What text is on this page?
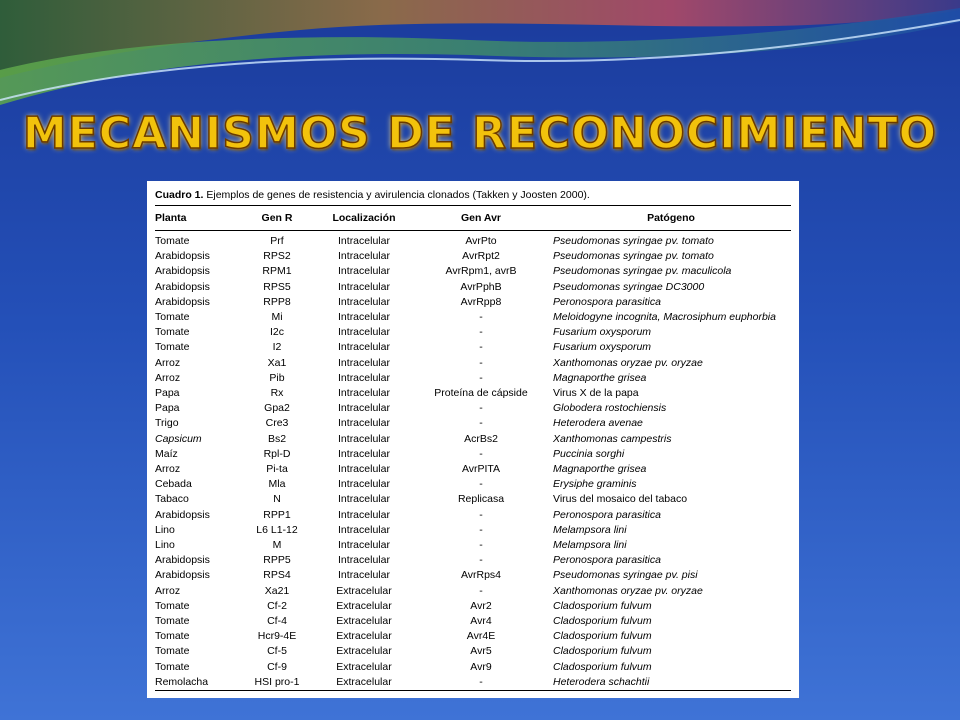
MECANISMOS DE RECONOCIMIENTO
Cuadro 1. Ejemplos de genes de resistencia y avirulencia clonados (Takken y Joosten 2000).
Planta	Gen R	Localización	Gen Avr	Patógeno
Tomate	Prf	Intracelular	AvrPto	Pseudomonas syringae pv. tomato
Arabidopsis	RPS2	Intracelular	AvrRpt2	Pseudomonas syringae pv. tomato
Arabidopsis	RPM1	Intracelular	AvrRpm1, avrB	Pseudomonas syringae pv. maculicola
Arabidopsis	RPS5	Intracelular	AvrPphB	Pseudomonas syringae DC3000
Arabidopsis	RPP8	Intracelular	AvrRpp8	Peronospora parasitica
Tomate	Mi	Intracelular	-	Meloidogyne incognita, Macrosiphum euphorbia
Tomate	I2c	Intracelular	-	Fusarium oxysporum
Tomate	I2	Intracelular	-	Fusarium oxysporum
Arroz	Xa1	Intracelular	-	Xanthomonas oryzae pv. oryzae
Arroz	Pib	Intracelular	-	Magnaporthe grisea
Papa	Rx	Intracelular	Proteína de cápside	Virus X de la papa
Papa	Gpa2	Intracelular	-	Globodera rostochiensis
Trigo	Cre3	Intracelular	-	Heterodera avenae
Capsicum	Bs2	Intracelular	AcrBs2	Xanthomonas campestris
Maíz	Rpl-D	Intracelular	-	Puccinia sorghi
Arroz	Pi-ta	Intracelular	AvrPITA	Magnaporthe grisea
Cebada	Mla	Intracelular	-	Erysiphe graminis
Tabaco	N	Intracelular	Replicasa	Virus del mosaico del tabaco
Arabidopsis	RPP1	Intracelular	-	Peronospora parasitica
Lino	L6 L1-12	Intracelular	-	Melampsora lini
Lino	M	Intracelular	-	Melampsora lini
Arabidopsis	RPP5	Intracelular	-	Peronospora parasitica
Arabidopsis	RPS4	Intracelular	AvrRps4	Pseudomonas syringae pv. pisi
Arroz	Xa21	Extracelular	-	Xanthomonas oryzae pv. oryzae
Tomate	Cf-2	Extracelular	Avr2	Cladosporium fulvum
Tomate	Cf-4	Extracelular	Avr4	Cladosporium fulvum
Tomate	Hcr9-4E	Extracelular	Avr4E	Cladosporium fulvum
Tomate	Cf-5	Extracelular	Avr5	Cladosporium fulvum
Tomate	Cf-9	Extracelular	Avr9	Cladosporium fulvum
Remolacha	HSI pro-1	Extracelular	-	Heterodera schachtii
